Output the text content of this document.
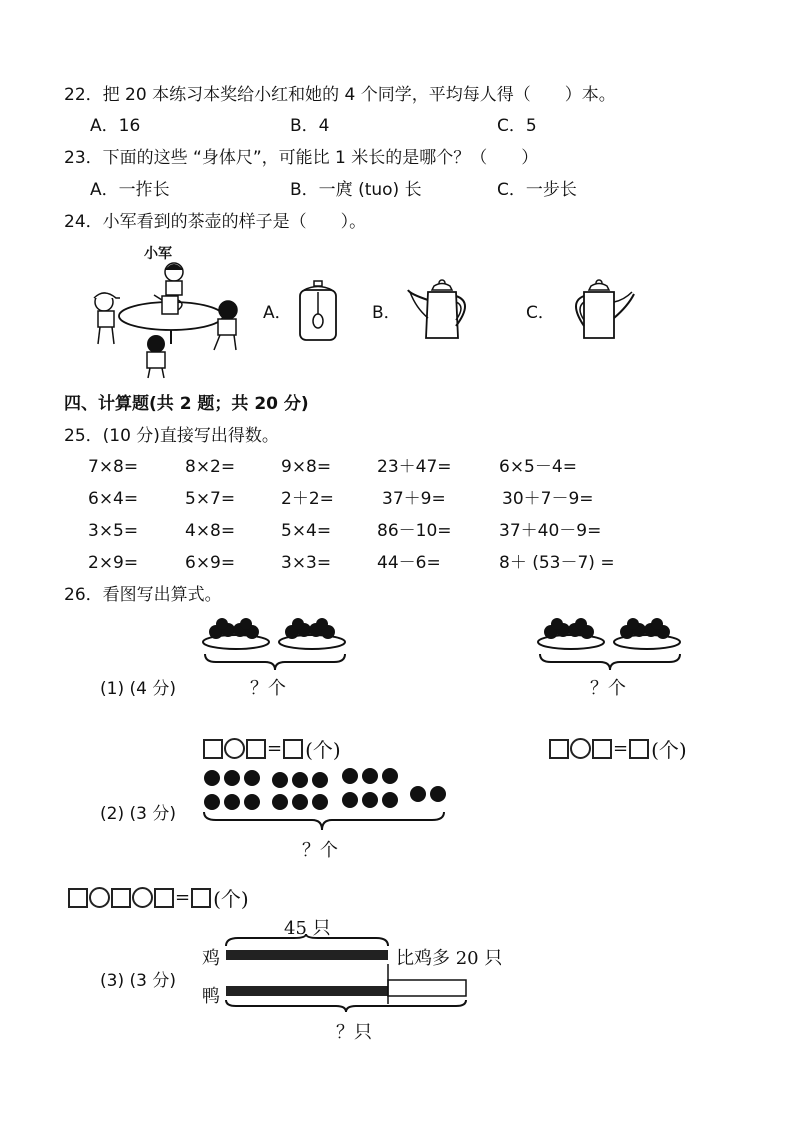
22．把 20 本练习本奖给小红和她的 4 个同学，平均每人得（　　）本。
A．16	B．4	C．5
23．下面的这些 “身体尺”，可能比 1 米长的是哪个？（　　）
A．一拃长	B．一庹 (tuo) 长	C．一步长
24．小军看到的茶壶的样子是（　　）。
小军
A．	B．	C．
四、计算题(共 2 题；共 20 分)
25．(10 分)直接写出得数。
7×8=	8×2=	9×8=	23＋47=	6×5－4=
6×4=	5×7=	2＋2=	37＋9=	30＋7－9=
3×5=	4×8=	5×4=	86－10=	37＋40－9=
2×9=	6×9=	3×3=	44－6=	8＋ (53－7) =
26．看图写出算式。
？个	？个
(1) (4 分)
= (个)	= (个)
(2) (3 分)
？个
= (个)
45 只
鸡
鸭
比鸡多 20 只
(3) (3 分)
？只
